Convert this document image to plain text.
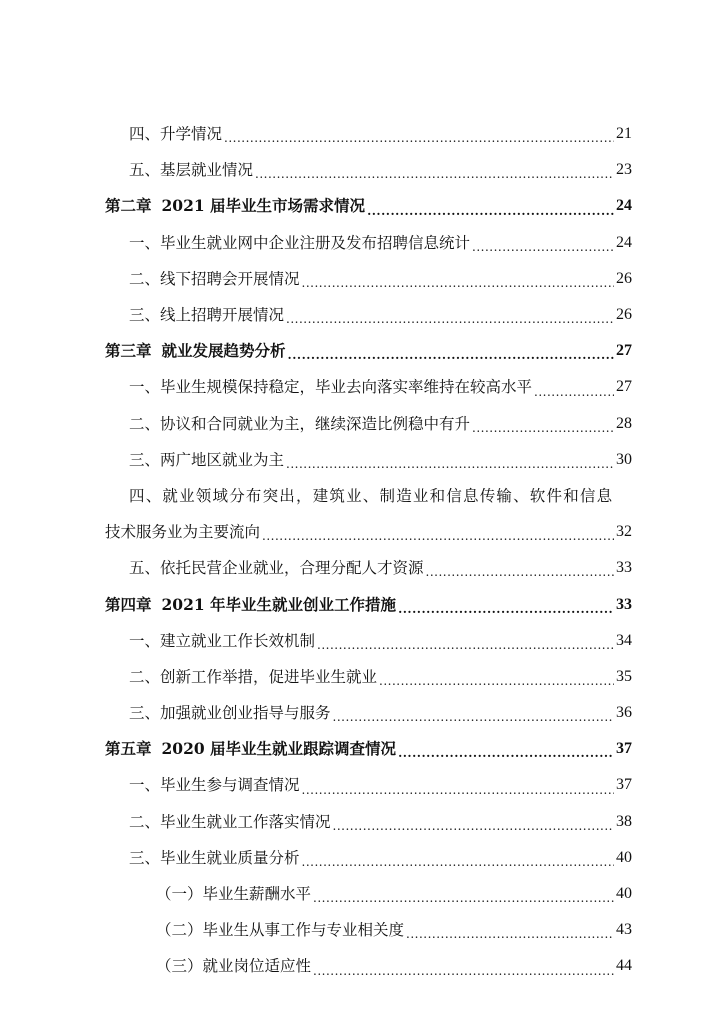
四、升学情况 .....	21
五、基层就业情况 .....	23
第二章 2021 届毕业生市场需求情况 .....	24
一、毕业生就业网中企业注册及发布招聘信息统计 .....	24
二、线下招聘会开展情况 .....	26
三、线上招聘开展情况 .....	26
第三章 就业发展趋势分析 .....	27
一、毕业生规模保持稳定，毕业去向落实率维持在较高水平 .....	27
二、协议和合同就业为主，继续深造比例稳中有升 .....	28
三、两广地区就业为主 .....	30
四、就业领域分布突出，建筑业、制造业和信息传输、软件和信息
技术服务业为主要流向 .....	32
五、依托民营企业就业，合理分配人才资源 .....	33
第四章 2021 年毕业生就业创业工作措施 .....	33
一、建立就业工作长效机制 .....	34
二、创新工作举措，促进毕业生就业 .....	35
三、加强就业创业指导与服务 .....	36
第五章 2020 届毕业生就业跟踪调查情况 .....	37
一、毕业生参与调查情况 .....	37
二、毕业生就业工作落实情况 .....	38
三、毕业生就业质量分析 .....	40
（一）毕业生薪酬水平 .....	40
（二）毕业生从事工作与专业相关度 .....	43
（三）就业岗位适应性 .....	44
